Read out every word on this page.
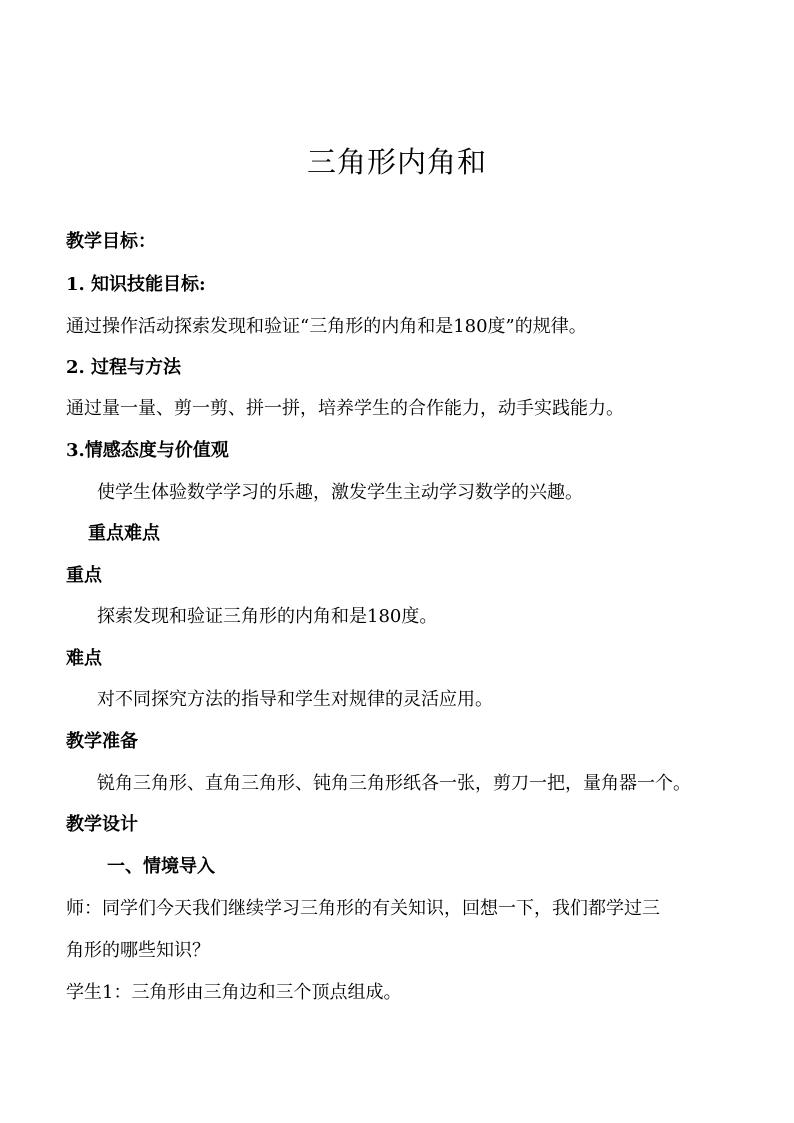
三角形内角和
教学目标：
1. 知识技能目标:
通过操作活动探索发现和验证“三角形的内角和是180度”的规律。
2. 过程与方法
通过量一量、剪一剪、拼一拼，培养学生的合作能力，动手实践能力。
3.情感态度与价值观
使学生体验数学学习的乐趣，激发学生主动学习数学的兴趣。
重点难点
重点
探索发现和验证三角形的内角和是180度。
难点
对不同探究方法的指导和学生对规律的灵活应用。
教学准备
锐角三角形、直角三角形、钝角三角形纸各一张，剪刀一把，量角器一个。
教学设计
一、情境导入
师：同学们今天我们继续学习三角形的有关知识，回想一下，我们都学过三
角形的哪些知识？
学生1：三角形由三角边和三个顶点组成。
